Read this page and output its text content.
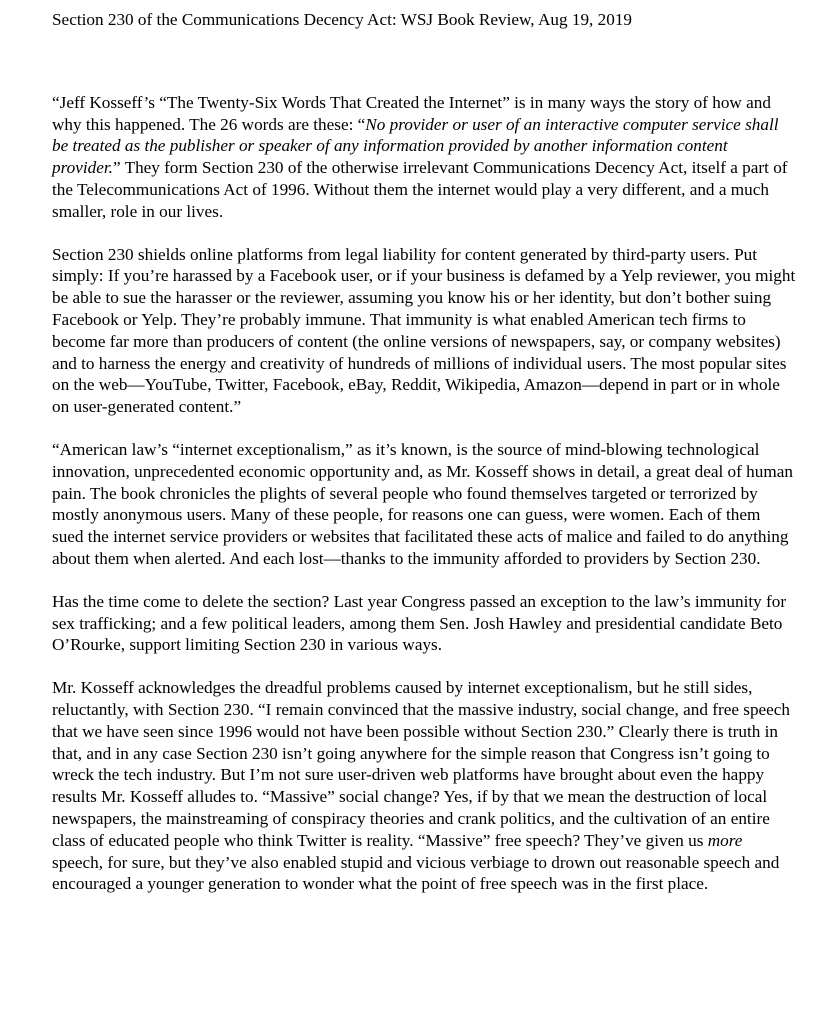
Section 230 of the Communications Decency Act: WSJ Book Review, Aug 19, 2019

“Jeff Kosseff’s “The Twenty-Six Words That Created the Internet” is in many ways the story of how and why this happened. The 26 words are these: “No provider or user of an interactive computer service shall be treated as the publisher or speaker of any information provided by another information content provider.” They form Section 230 of the otherwise irrelevant Communications Decency Act, itself a part of the Telecommunications Act of 1996. Without them the internet would play a very different, and a much smaller, role in our lives.

Section 230 shields online platforms from legal liability for content generated by third-party users. Put simply: If you’re harassed by a Facebook user, or if your business is defamed by a Yelp reviewer, you might be able to sue the harasser or the reviewer, assuming you know his or her identity, but don’t bother suing Facebook or Yelp. They’re probably immune. That immunity is what enabled American tech firms to become far more than producers of content (the online versions of newspapers, say, or company websites) and to harness the energy and creativity of hundreds of millions of individual users. The most popular sites on the web—YouTube, Twitter, Facebook, eBay, Reddit, Wikipedia, Amazon—depend in part or in whole on user-generated content.”

“American law’s “internet exceptionalism,” as it’s known, is the source of mind-blowing technological innovation, unprecedented economic opportunity and, as Mr. Kosseff shows in detail, a great deal of human pain. The book chronicles the plights of several people who found themselves targeted or terrorized by mostly anonymous users. Many of these people, for reasons one can guess, were women. Each of them sued the internet service providers or websites that facilitated these acts of malice and failed to do anything about them when alerted. And each lost—thanks to the immunity afforded to providers by Section 230.

Has the time come to delete the section? Last year Congress passed an exception to the law’s immunity for sex trafficking; and a few political leaders, among them Sen. Josh Hawley and presidential candidate Beto O’Rourke, support limiting Section 230 in various ways.

Mr. Kosseff acknowledges the dreadful problems caused by internet exceptionalism, but he still sides, reluctantly, with Section 230. “I remain convinced that the massive industry, social change, and free speech that we have seen since 1996 would not have been possible without Section 230.” Clearly there is truth in that, and in any case Section 230 isn’t going anywhere for the simple reason that Congress isn’t going to wreck the tech industry. But I’m not sure user-driven web platforms have brought about even the happy results Mr. Kosseff alludes to. “Massive” social change? Yes, if by that we mean the destruction of local newspapers, the mainstreaming of conspiracy theories and crank politics, and the cultivation of an entire class of educated people who think Twitter is reality. “Massive” free speech? They’ve given us more speech, for sure, but they’ve also enabled stupid and vicious verbiage to drown out reasonable speech and encouraged a younger generation to wonder what the point of free speech was in the first place.
